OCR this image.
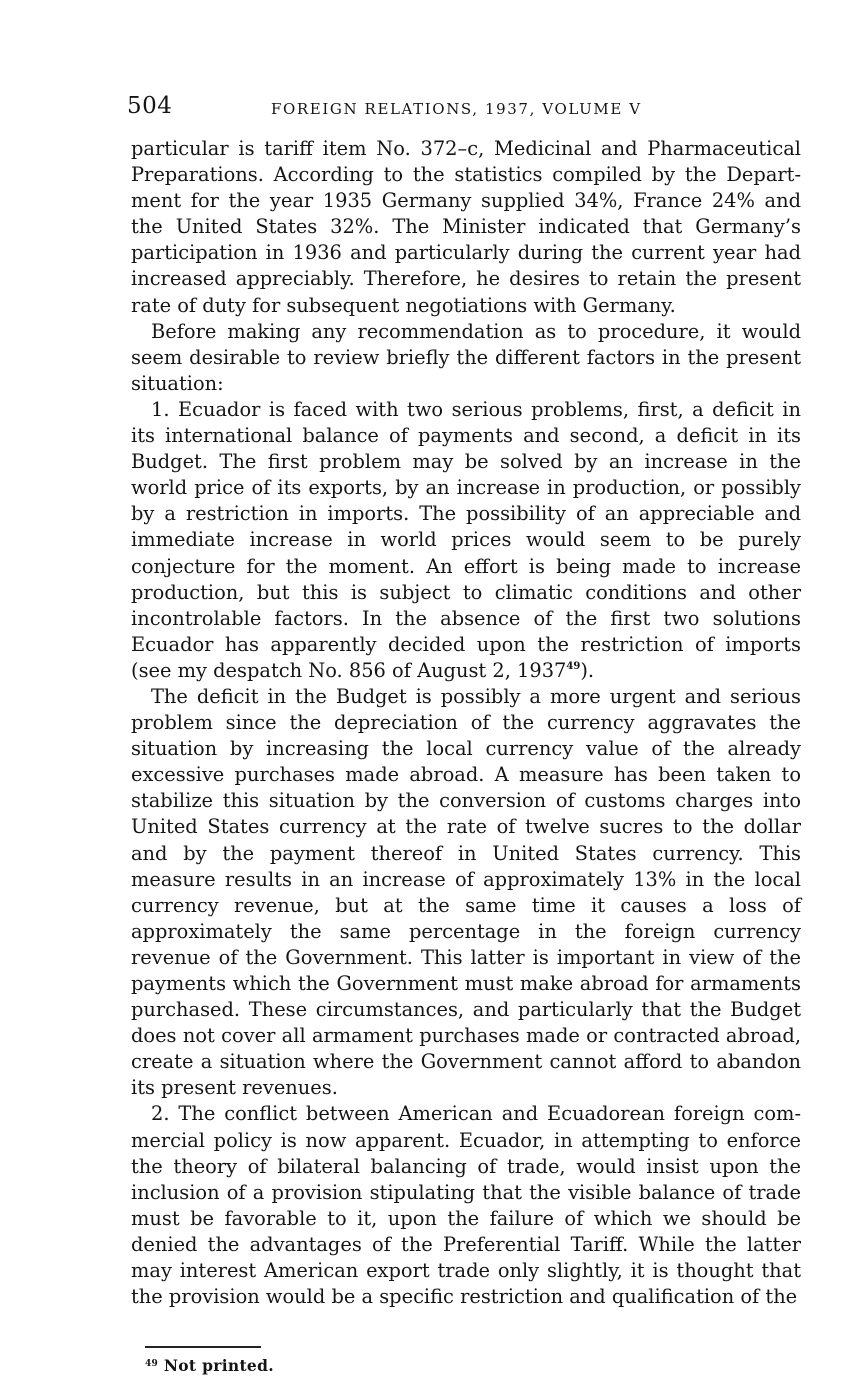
504	FOREIGN RELATIONS, 1937, VOLUME V

particular is tariff item No. 372–c, Medicinal and Pharmaceutical Preparations. According to the statistics compiled by the Department for the year 1935 Germany supplied 34%, France 24% and the United States 32%. The Minister indicated that Germany’s participation in 1936 and particularly during the current year had increased appreciably. Therefore, he desires to retain the present rate of duty for subsequent negotiations with Germany.

Before making any recommendation as to procedure, it would seem desirable to review briefly the different factors in the present situation:

1. Ecuador is faced with two serious problems, first, a deficit in its international balance of payments and second, a deficit in its Budget. The first problem may be solved by an increase in the world price of its exports, by an increase in production, or possibly by a restriction in imports. The possibility of an appreciable and immediate increase in world prices would seem to be purely conjecture for the moment. An effort is being made to increase production, but this is subject to climatic conditions and other incontrolable factors. In the absence of the first two solutions Ecuador has apparently decided upon the restriction of imports (see my despatch No. 856 of August 2, 1937$^{49}$).

The deficit in the Budget is possibly a more urgent and serious problem since the depreciation of the currency aggravates the situation by increasing the local currency value of the already excessive purchases made abroad. A measure has been taken to stabilize this situation by the conversion of customs charges into United States currency at the rate of twelve sucres to the dollar and by the payment thereof in United States currency. This measure results in an increase of approximately 13% in the local currency revenue, but at the same time it causes a loss of approximately the same percentage in the foreign currency revenue of the Government. This latter is important in view of the payments which the Government must make abroad for armaments purchased. These circumstances, and particularly that the Budget does not cover all armament purchases made or contracted abroad, create a situation where the Government cannot afford to abandon its present revenues.

2. The conflict between American and Ecuadorean foreign commercial policy is now apparent. Ecuador, in attempting to enforce the theory of bilateral balancing of trade, would insist upon the inclusion of a provision stipulating that the visible balance of trade must be favorable to it, upon the failure of which we should be denied the advantages of the Preferential Tariff. While the latter may interest American export trade only slightly, it is thought that the provision would be a specific restriction and qualification of the

$^{49}$ Not printed.
